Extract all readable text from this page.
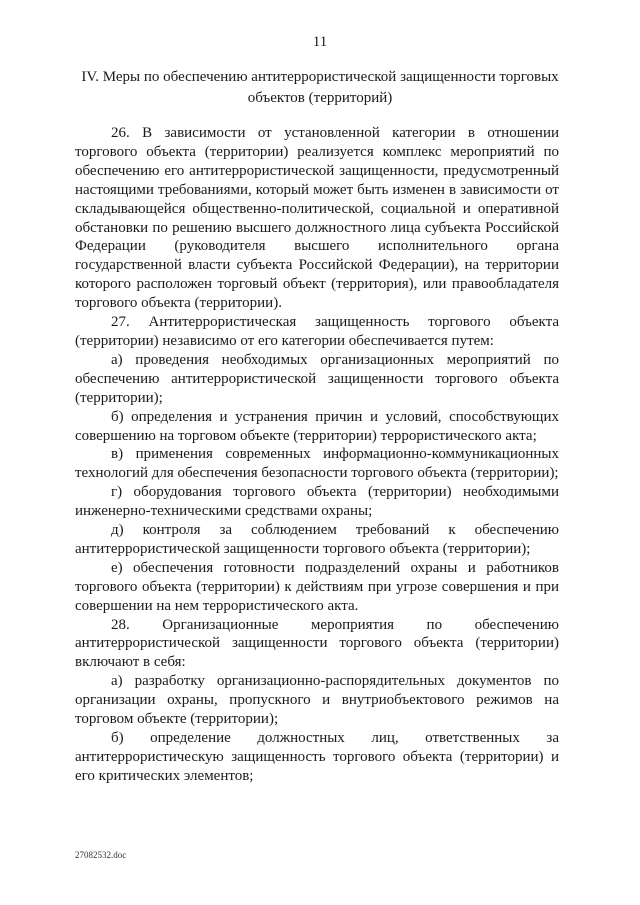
11
IV. Меры по обеспечению антитеррористической защищенности торговых объектов (территорий)

26. В зависимости от установленной категории в отношении торгового объекта (территории) реализуется комплекс мероприятий по обеспечению его антитеррористической защищенности, предусмотренный настоящими требованиями, который может быть изменен в зависимости от складывающейся общественно-политической, социальной и оперативной обстановки по решению высшего должностного лица субъекта Российской Федерации (руководителя высшего исполнительного органа государственной власти субъекта Российской Федерации), на территории которого расположен торговый объект (территория), или правообладателя торгового объекта (территории).

27. Антитеррористическая защищенность торгового объекта (территории) независимо от его категории обеспечивается путем:

а) проведения необходимых организационных мероприятий по обеспечению антитеррористической защищенности торгового объекта (территории);

б) определения и устранения причин и условий, способствующих совершению на торговом объекте (территории) террористического акта;

в) применения современных информационно-коммуникационных технологий для обеспечения безопасности торгового объекта (территории);

г) оборудования торгового объекта (территории) необходимыми инженерно-техническими средствами охраны;

д) контроля за соблюдением требований к обеспечению антитеррористической защищенности торгового объекта (территории);

е) обеспечения готовности подразделений охраны и работников торгового объекта (территории) к действиям при угрозе совершения и при совершении на нем террористического акта.

28. Организационные мероприятия по обеспечению антитеррористической защищенности торгового объекта (территории) включают в себя:

а) разработку организационно-распорядительных документов по организации охраны, пропускного и внутриобъектового режимов на торговом объекте (территории);

б) определение должностных лиц, ответственных за антитеррористическую защищенность торгового объекта (территории) и его критических элементов;

27082532.doc
